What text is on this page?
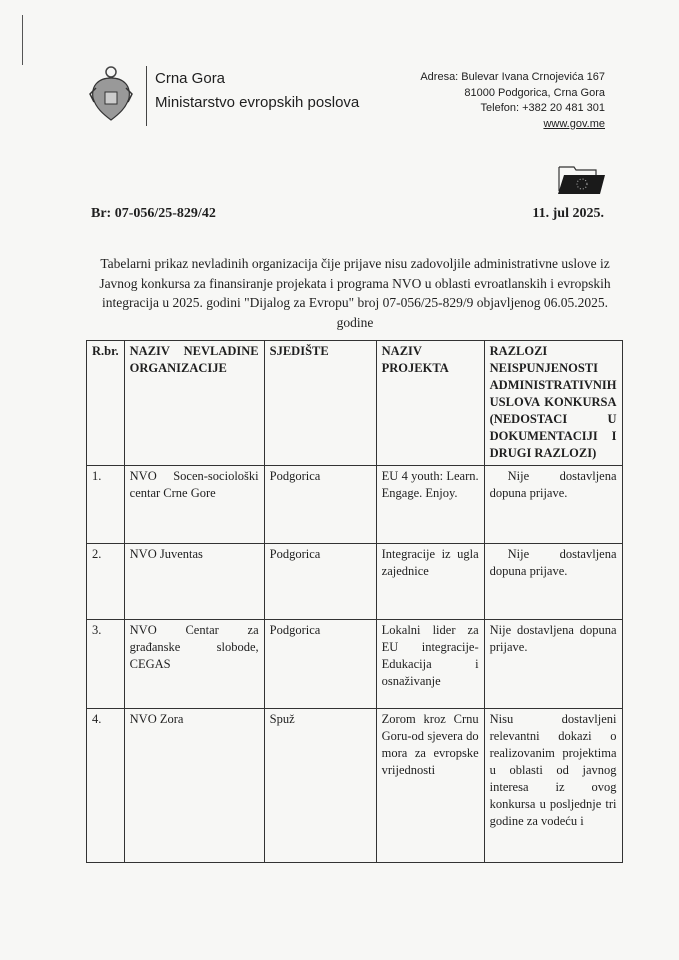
Crna Gora
Ministarstvo evropskih poslova
Adresa: Bulevar Ivana Crnojevića 167
81000 Podgorica, Crna Gora
Telefon: +382 20 481 301
www.gov.me
Br: 07-056/25-829/42	11. jul 2025.
Tabelarni prikaz nevladinih organizacija čije prijave nisu zadovoljile administrativne uslove iz Javnog konkursa za finansiranje projekata i programa NVO u oblasti evroatlanskih i evropskih integracija u 2025. godini "Dijalog za Evropu" broj 07-056/25-829/9 objavljenog 06.05.2025. godine
R.br.	NAZIV NEVLADINE ORGANIZACIJE	SJEDIŠTE	NAZIV PROJEKTA	RAZLOZI NEISPUNJENOSTI ADMINISTRATIVNIH USLOVA KONKURSA (NEDOSTACI U DOKUMENTACIJI I DRUGI RAZLOZI)
1.	NVO Socen-sociološki centar Crne Gore	Podgorica	EU 4 youth: Learn. Engage. Enjoy.	Nije dostavljena dopuna prijave.
2.	NVO Juventas	Podgorica	Integracije iz ugla zajednice	Nije dostavljena dopuna prijave.
3.	NVO Centar za građanske slobode, CEGAS	Podgorica	Lokalni lider za EU integracije-Edukacija i osnaživanje	Nije dostavljena dopuna prijave.
4.	NVO Zora	Spuž	Zorom kroz Crnu Goru-od sjevera do mora za evropske vrijednosti	Nisu dostavljeni relevantni dokazi o realizovanim projektima u oblasti od javnog interesa iz ovog konkursa u posljednje tri godine za vodeću i
